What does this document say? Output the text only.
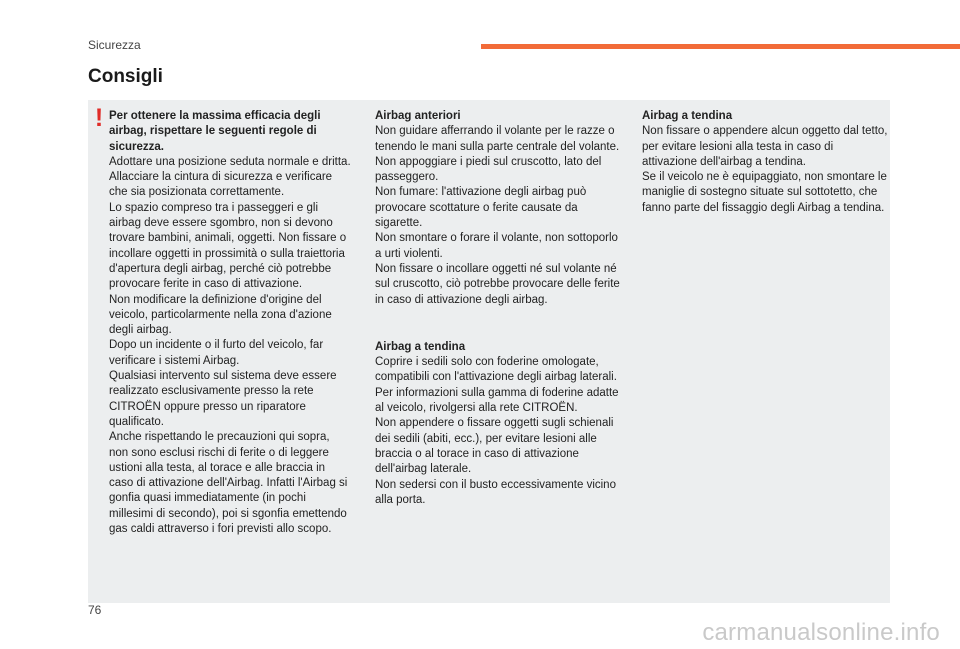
Sicurezza
Consigli
! Per ottenere la massima efficacia degli airbag, rispettare le seguenti regole di sicurezza.

Adottare una posizione seduta normale e dritta.

Allacciare la cintura di sicurezza e verificare che sia posizionata correttamente.

Lo spazio compreso tra i passeggeri e gli airbag deve essere sgombro, non si devono trovare bambini, animali, oggetti. Non fissare o incollare oggetti in prossimità o sulla traiettoria d'apertura degli airbag, perché ciò potrebbe provocare ferite in caso di attivazione.

Non modificare la definizione d'origine del veicolo, particolarmente nella zona d'azione degli airbag.

Dopo un incidente o il furto del veicolo, far verificare i sistemi Airbag.

Qualsiasi intervento sul sistema deve essere realizzato esclusivamente presso la rete CITROËN oppure presso un riparatore qualificato.

Anche rispettando le precauzioni qui sopra, non sono esclusi rischi di ferite o di leggere ustioni alla testa, al torace e alle braccia in caso di attivazione dell'Airbag. Infatti l'Airbag si gonfia quasi immediatamente (in pochi millesimi di secondo), poi si sgonfia emettendo gas caldi attraverso i fori previsti allo scopo.

Airbag anteriori

Non guidare afferrando il volante per le razze o tenendo le mani sulla parte centrale del volante.

Non appoggiare i piedi sul cruscotto, lato del passeggero.

Non fumare: l'attivazione degli airbag può provocare scottature o ferite causate da sigarette.

Non smontare o forare il volante, non sottoporlo a urti violenti.

Non fissare o incollare oggetti né sul volante né sul cruscotto, ciò potrebbe provocare delle ferite in caso di attivazione degli airbag.

Airbag a tendina

Coprire i sedili solo con foderine omologate, compatibili con l'attivazione degli airbag laterali. Per informazioni sulla gamma di foderine adatte al veicolo, rivolgersi alla rete CITROËN.

Non appendere o fissare oggetti sugli schienali dei sedili (abiti, ecc.), per evitare lesioni alle braccia o al torace in caso di attivazione dell'airbag laterale.

Non sedersi con il busto eccessivamente vicino alla porta.

Airbag a tendina

Non fissare o appendere alcun oggetto dal tetto, per evitare lesioni alla testa in caso di attivazione dell'airbag a tendina.

Se il veicolo ne è equipaggiato, non smontare le maniglie di sostegno situate sul sottotetto, che fanno parte del fissaggio degli Airbag a tendina.

76
carmanualsonline.info
